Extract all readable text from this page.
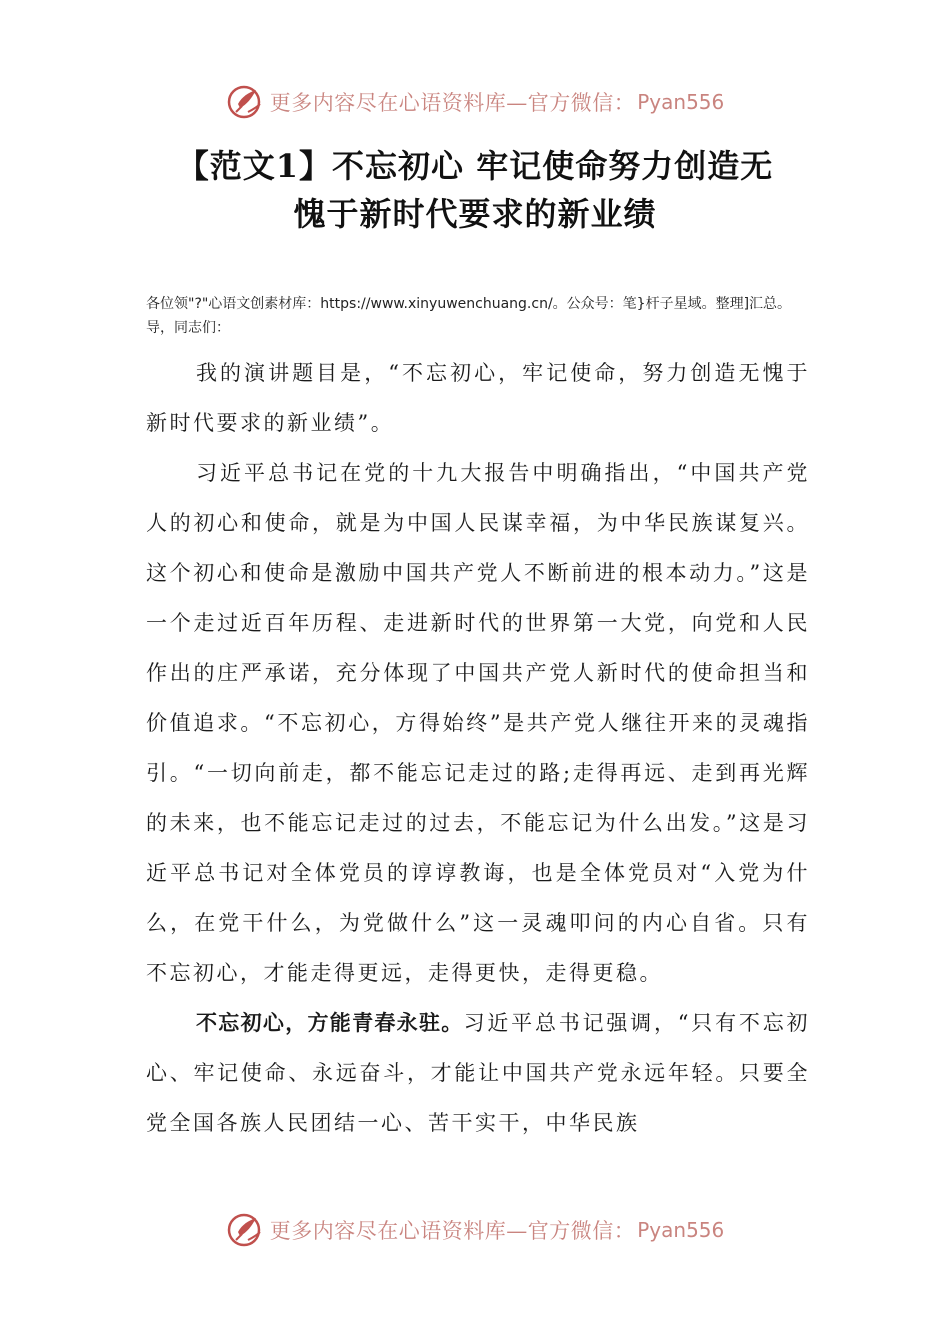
更多内容尽在心语资料库—官方微信： Pyan556
【范文1】不忘初心 牢记使命努力创造无
愧于新时代要求的新业绩
各位领"?"心语文创素材库：https://www.xinyuwenchuang.cn/。公众号：笔}杆子星域。整理]汇总。导，同志们：

我的演讲题目是，“不忘初心，牢记使命，努力创造无愧于新时代要求的新业绩”。

习近平总书记在党的十九大报告中明确指出，“中国共产党人的初心和使命，就是为中国人民谋幸福，为中华民族谋复兴。这个初心和使命是激励中国共产党人不断前进的根本动力。”这是一个走过近百年历程、走进新时代的世界第一大党，向党和人民作出的庄严承诺，充分体现了中国共产党人新时代的使命担当和价值追求。“不忘初心，方得始终”是共产党人继往开来的灵魂指引。“一切向前走，都不能忘记走过的路;走得再远、走到再光辉的未来，也不能忘记走过的过去，不能忘记为什么出发。”这是习近平总书记对全体党员的谆谆教诲，也是全体党员对“入党为什么，在党干什么，为党做什么”这一灵魂叩问的内心自省。只有不忘初心，才能走得更远，走得更快，走得更稳。

不忘初心，方能青春永驻。习近平总书记强调，“只有不忘初心、牢记使命、永远奋斗，才能让中国共产党永远年轻。只要全党全国各族人民团结一心、苦干实干，中华民族

更多内容尽在心语资料库—官方微信： Pyan556
